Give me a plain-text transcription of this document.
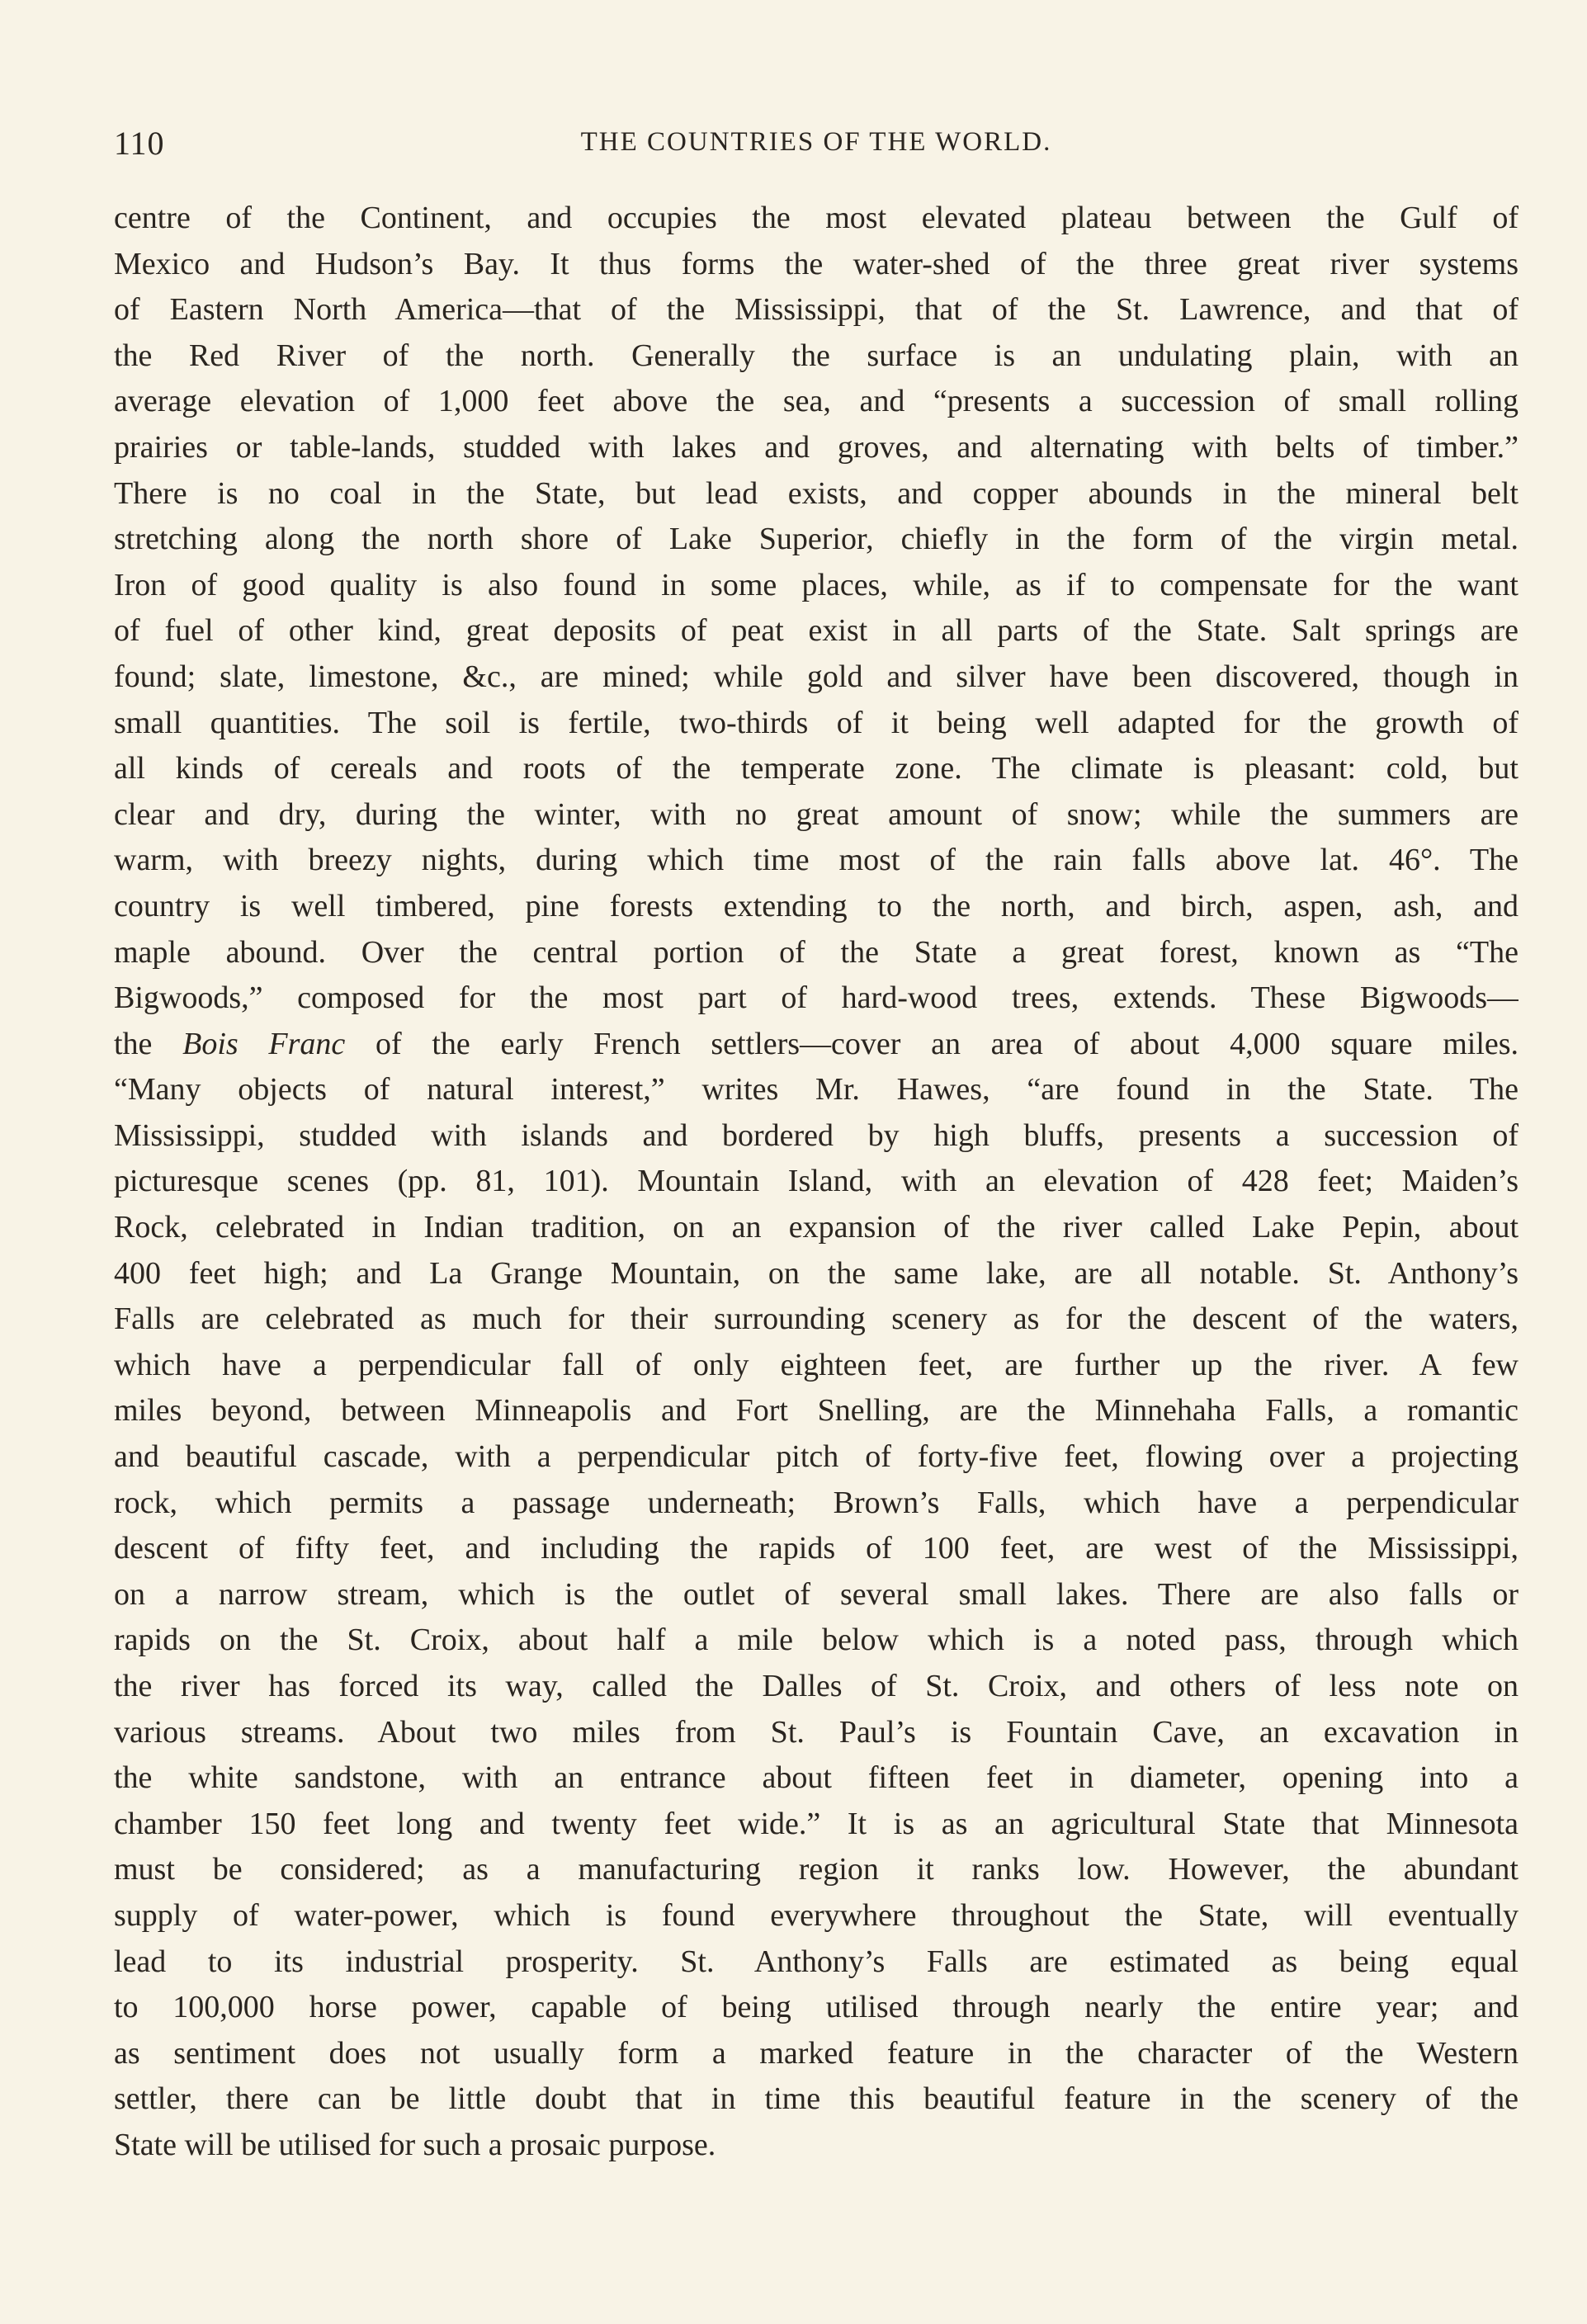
110	THE COUNTRIES OF THE WORLD.
centre of the Continent, and occupies the most elevated plateau between the Gulf of
Mexico and Hudson’s Bay. It thus forms the water-shed of the three great river systems
of Eastern North America—that of the Mississippi, that of the St. Lawrence, and that of
the Red River of the north. Generally the surface is an undulating plain, with an
average elevation of 1,000 feet above the sea, and “presents a succession of small rolling
prairies or table-lands, studded with lakes and groves, and alternating with belts of timber.”
There is no coal in the State, but lead exists, and copper abounds in the mineral belt
stretching along the north shore of Lake Superior, chiefly in the form of the virgin metal.
Iron of good quality is also found in some places, while, as if to compensate for the want
of fuel of other kind, great deposits of peat exist in all parts of the State. Salt springs are
found; slate, limestone, &c., are mined; while gold and silver have been discovered, though in
small quantities. The soil is fertile, two-thirds of it being well adapted for the growth of
all kinds of cereals and roots of the temperate zone. The climate is pleasant: cold, but
clear and dry, during the winter, with no great amount of snow; while the summers are
warm, with breezy nights, during which time most of the rain falls above lat. 46°. The
country is well timbered, pine forests extending to the north, and birch, aspen, ash, and
maple abound. Over the central portion of the State a great forest, known as “The
Bigwoods,” composed for the most part of hard-wood trees, extends. These Bigwoods—
the Bois Franc of the early French settlers—cover an area of about 4,000 square miles.
“Many objects of natural interest,” writes Mr. Hawes, “are found in the State. The
Mississippi, studded with islands and bordered by high bluffs, presents a succession of
picturesque scenes (pp. 81, 101). Mountain Island, with an elevation of 428 feet; Maiden’s
Rock, celebrated in Indian tradition, on an expansion of the river called Lake Pepin, about
400 feet high; and La Grange Mountain, on the same lake, are all notable. St. Anthony’s
Falls are celebrated as much for their surrounding scenery as for the descent of the waters,
which have a perpendicular fall of only eighteen feet, are further up the river. A few
miles beyond, between Minneapolis and Fort Snelling, are the Minnehaha Falls, a romantic
and beautiful cascade, with a perpendicular pitch of forty-five feet, flowing over a projecting
rock, which permits a passage underneath; Brown’s Falls, which have a perpendicular
descent of fifty feet, and including the rapids of 100 feet, are west of the Mississippi,
on a narrow stream, which is the outlet of several small lakes. There are also falls or
rapids on the St. Croix, about half a mile below which is a noted pass, through which
the river has forced its way, called the Dalles of St. Croix, and others of less note on
various streams. About two miles from St. Paul’s is Fountain Cave, an excavation in
the white sandstone, with an entrance about fifteen feet in diameter, opening into a
chamber 150 feet long and twenty feet wide.” It is as an agricultural State that Minnesota
must be considered; as a manufacturing region it ranks low. However, the abundant
supply of water-power, which is found everywhere throughout the State, will eventually
lead to its industrial prosperity. St. Anthony’s Falls are estimated as being equal
to 100,000 horse power, capable of being utilised through nearly the entire year; and
as sentiment does not usually form a marked feature in the character of the Western
settler, there can be little doubt that in time this beautiful feature in the scenery of the
State will be utilised for such a prosaic purpose.
